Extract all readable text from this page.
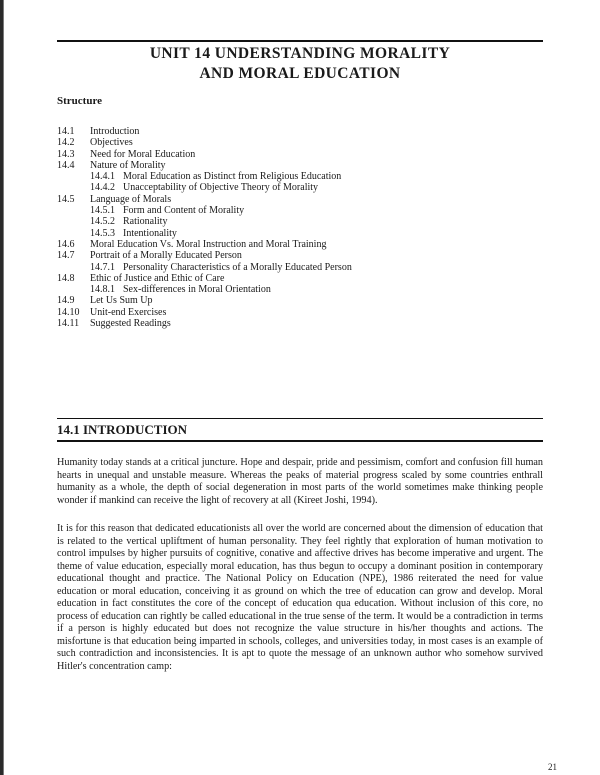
UNIT 14 UNDERSTANDING MORALITY
AND MORAL EDUCATION
Structure
14.1	Introduction
14.2	Objectives
14.3	Need for Moral Education
14.4	Nature of Morality
14.4.1 Moral Education as Distinct from Religious Education
14.4.2 Unacceptability of Objective Theory of Morality
14.5	Language of Morals
14.5.1 Form and Content of Morality
14.5.2 Rationality
14.5.3 Intentionality
14.6	Moral Education Vs. Moral Instruction and Moral Training
14.7	Portrait of a Morally Educated Person
14.7.1 Personality Characteristics of a Morally Educated Person
14.8	Ethic of Justice and Ethic of Care
14.8.1 Sex-differences in Moral Orientation
14.9	Let Us Sum Up
14.10	Unit-end Exercises
14.11	Suggested Readings
14.1 INTRODUCTION

Humanity today stands at a critical juncture. Hope and despair, pride and pessimism, comfort and confusion fill human hearts in unequal and unstable measure. Whereas the peaks of material progress scaled by some countries enthrall humanity as a whole, the depth of social degeneration in most parts of the world sometimes make thinking people wonder if mankind can receive the light of recovery at all (Kireet Joshi, 1994).

It is for this reason that dedicated educationists all over the world are concerned about the dimension of education that is related to the vertical upliftment of human personality. They feel rightly that exploration of human motivation to control impulses by higher pursuits of cognitive, conative and affective drives has become imperative and urgent. The theme of value education, especially moral education, has thus begun to occupy a dominant position in contemporary educational thought and practice. The National Policy on Education (NPE), 1986 reiterated the need for value education or moral education, conceiving it as ground on which the tree of education can grow and develop. Moral education in fact constitutes the core of the concept of education qua education. Without inclusion of this core, no process of education can rightly be called educational in the true sense of the term. It would be a contradiction in terms if a person is highly educated but does not recognize the value structure in his/her thoughts and actions. The misfortune is that education being imparted in schools, colleges, and universities today, in most cases is an example of such contradiction and inconsistencies. It is apt to quote the message of an unknown author who somehow survived Hitler's concentration camp:

21
